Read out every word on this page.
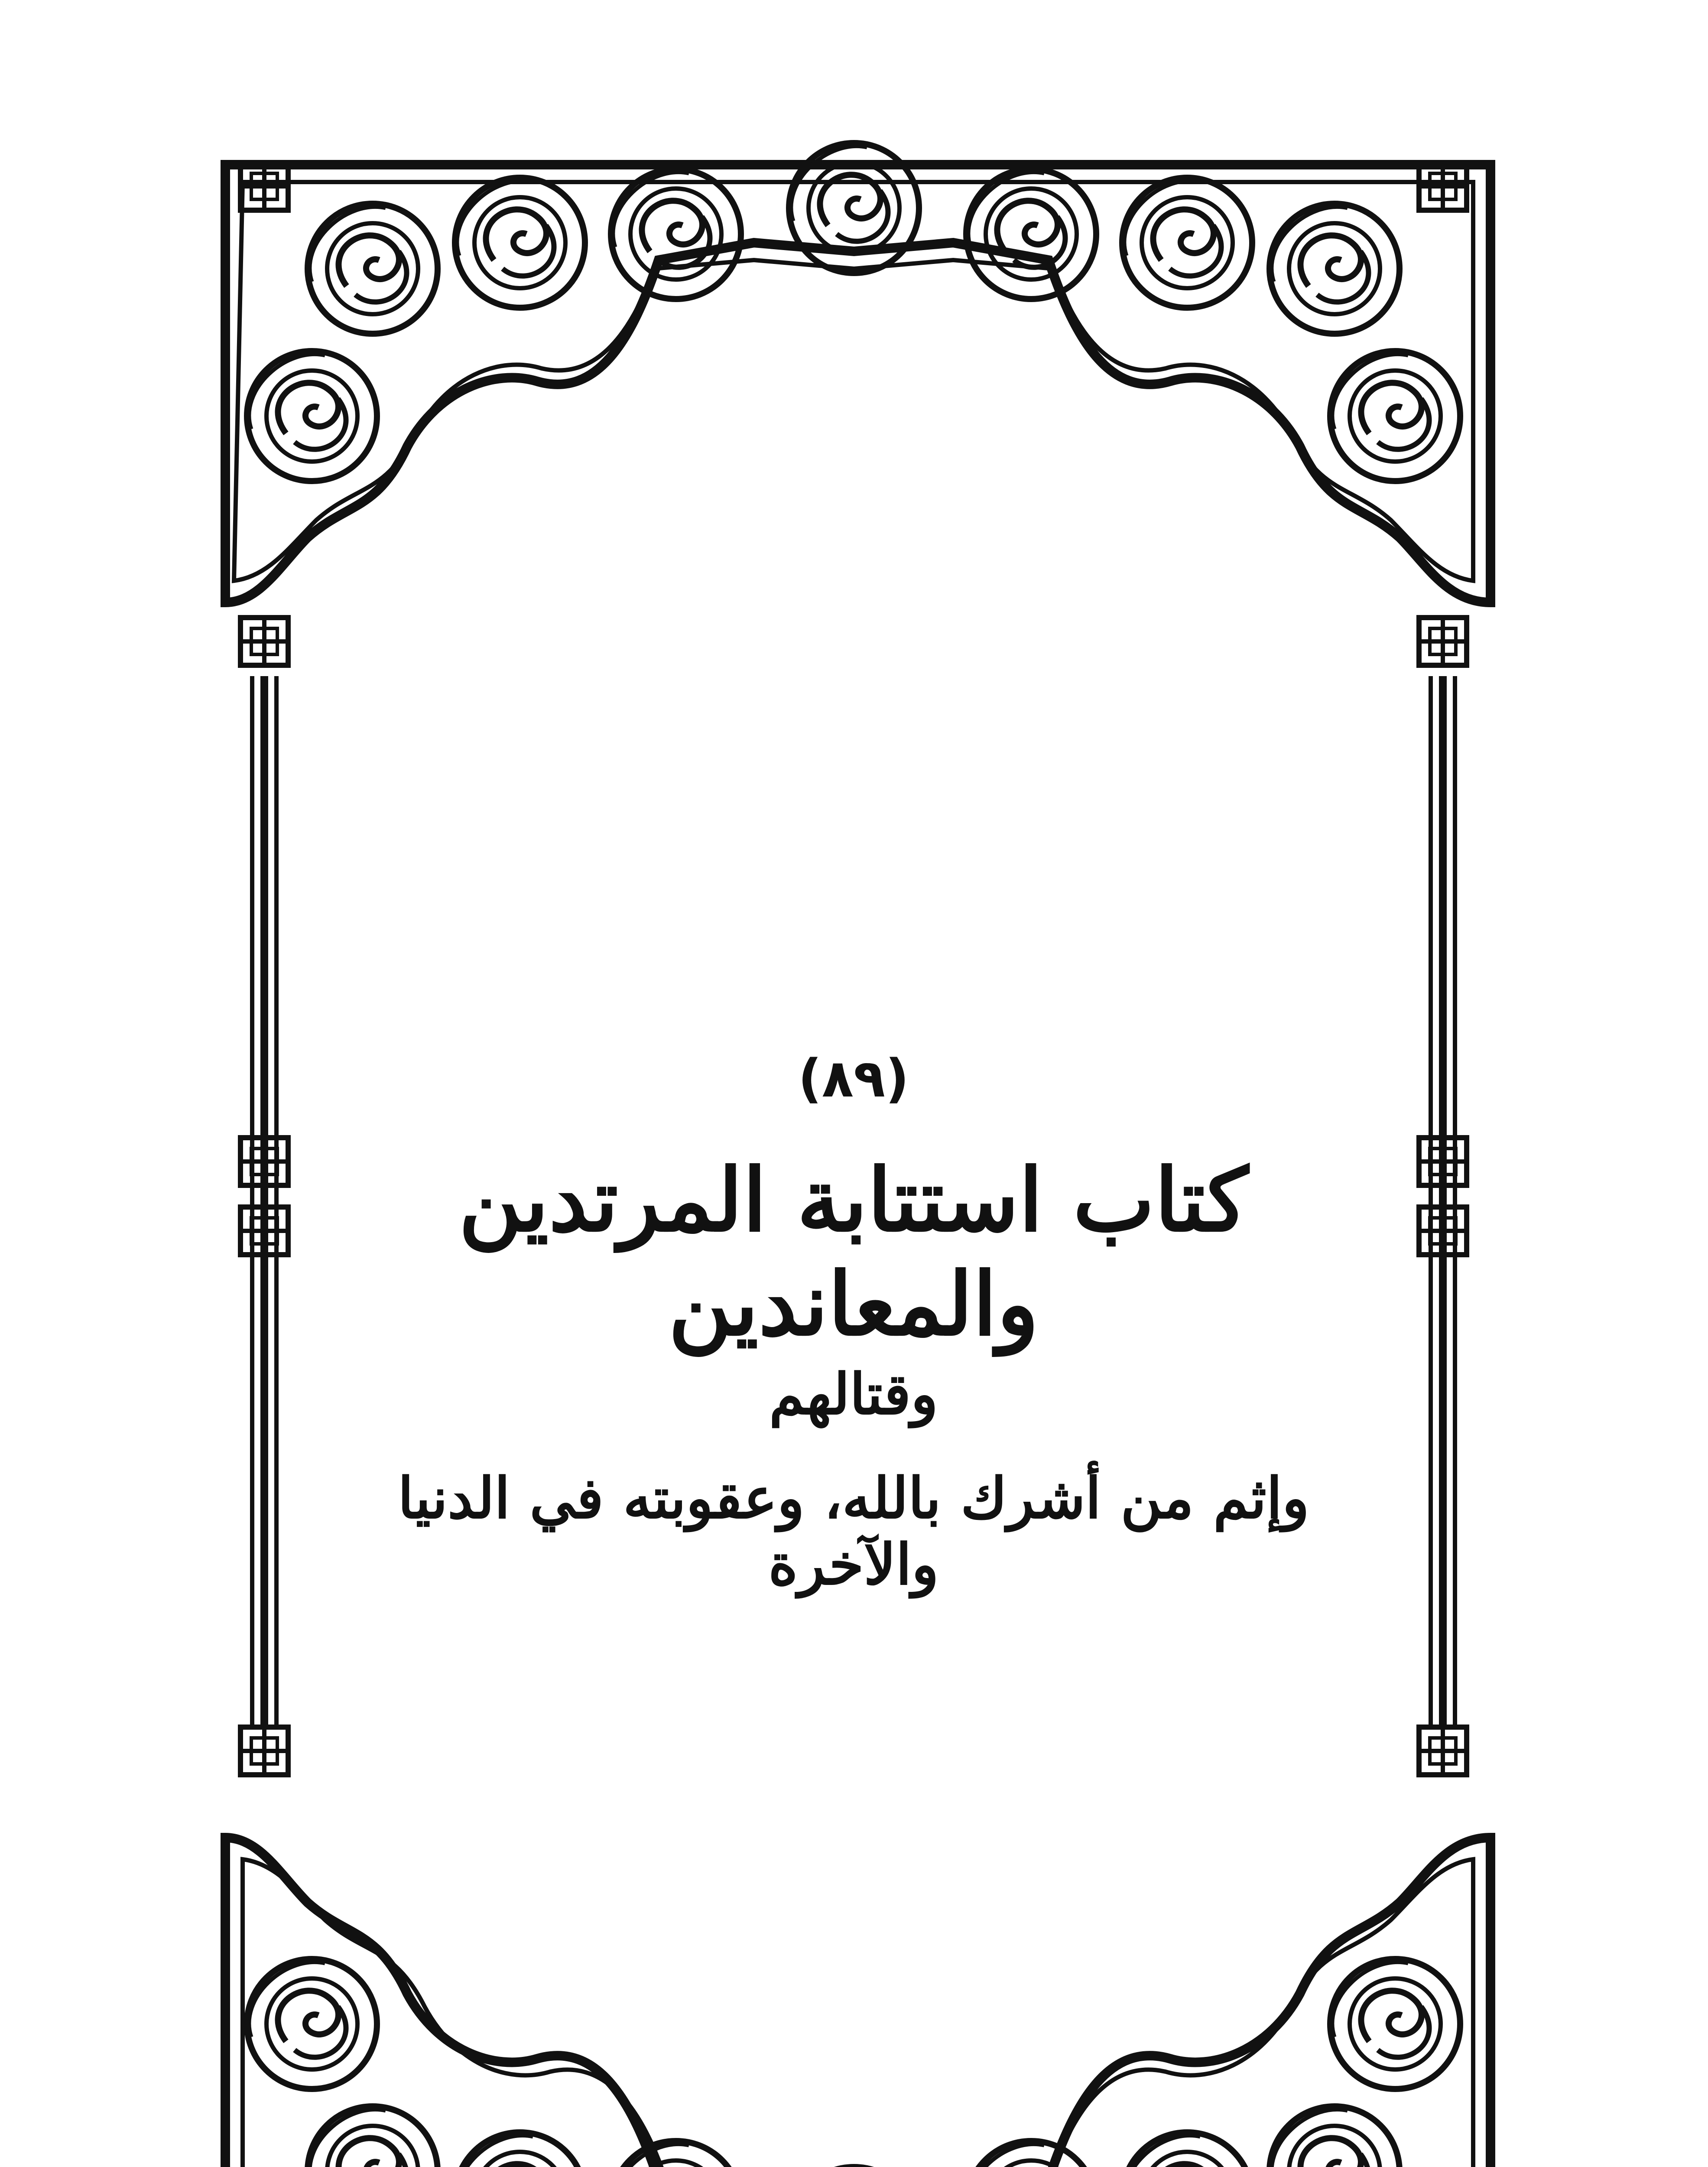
(٨٩)
كتاب استتابة المرتدين والمعاندين
وقتالهم
وإثم من أشرك بالله، وعقوبته في الدنيا والآخرة
